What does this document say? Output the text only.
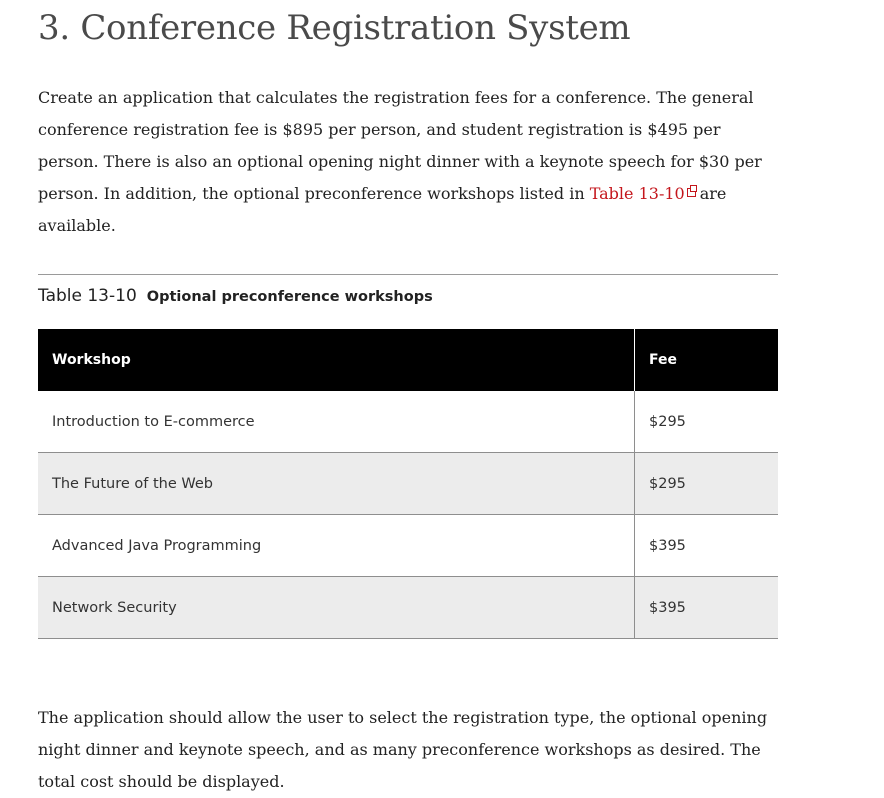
3. Conference Registration System

Create an application that calculates the registration fees for a conference. The general conference registration fee is $895 per person, and student registration is $495 per person. There is also an optional opening night dinner with a keynote speech for $30 per person. In addition, the optional preconference workshops listed in Table 13-10 are available.

Table 13-10 Optional preconference workshops
Workshop	Fee
Introduction to E-commerce	$295
The Future of the Web	$295
Advanced Java Programming	$395
Network Security	$395

The application should allow the user to select the registration type, the optional opening night dinner and keynote speech, and as many preconference workshops as desired. The total cost should be displayed.
